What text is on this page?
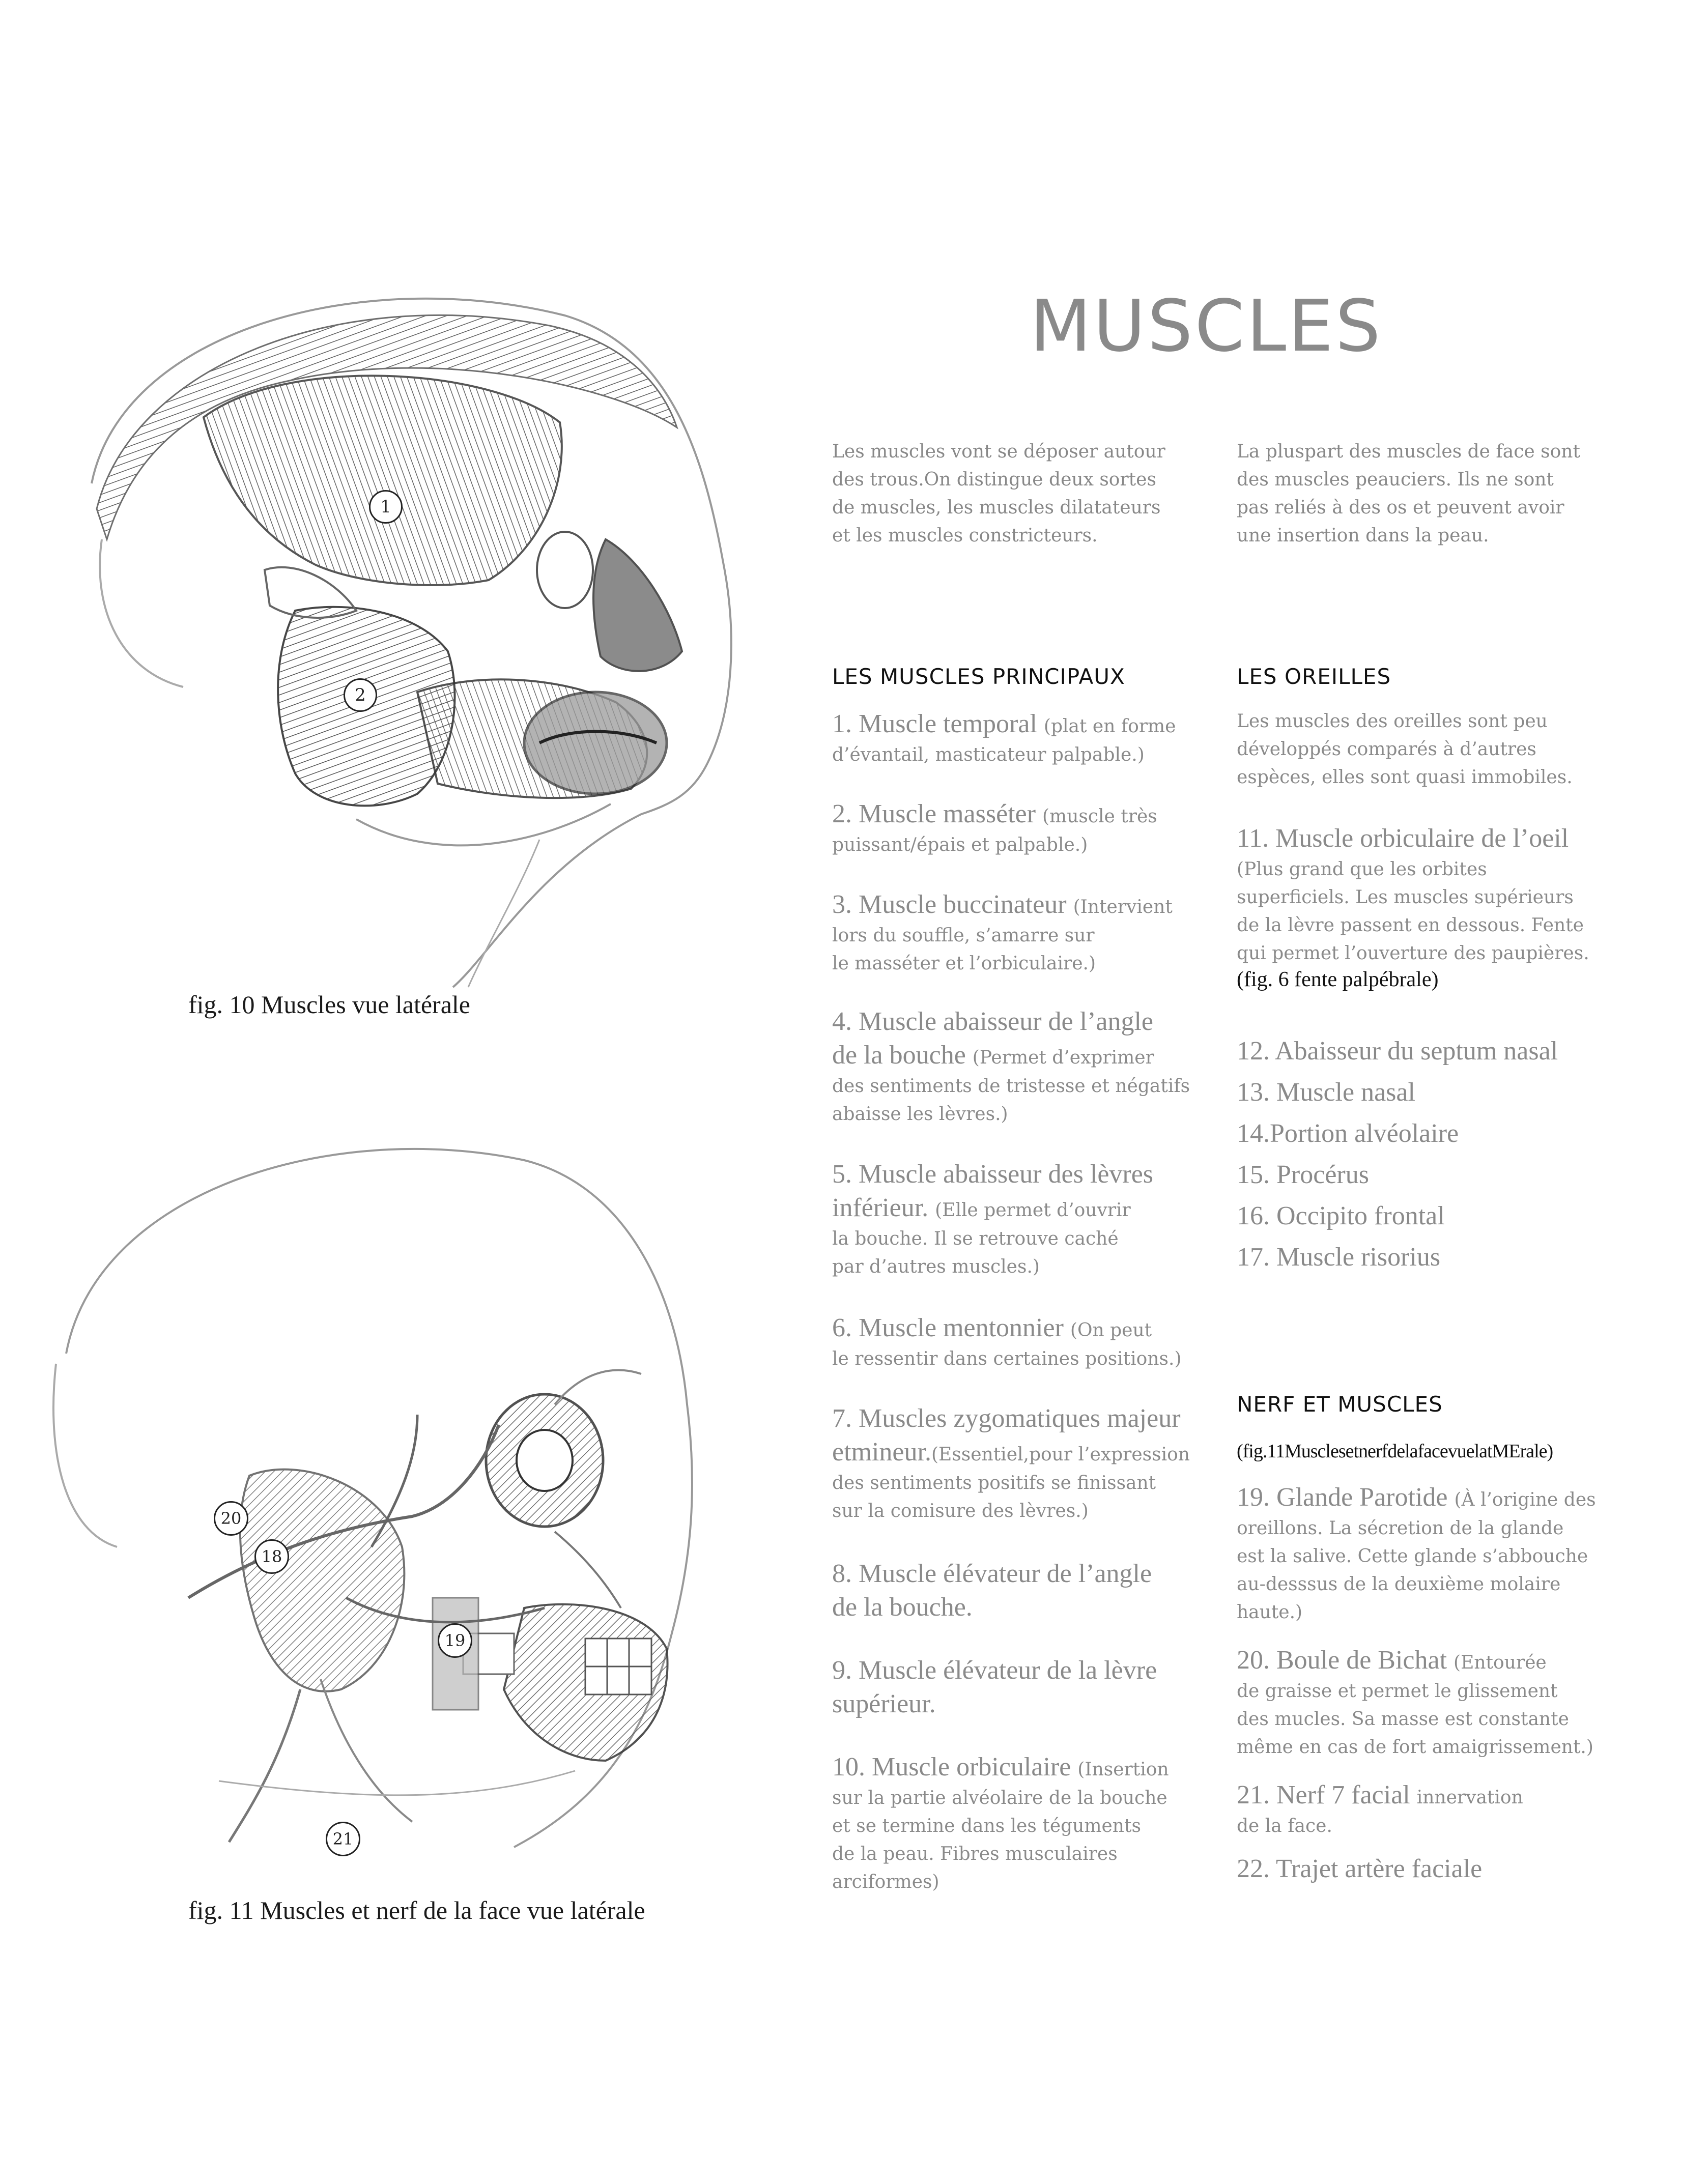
1
2
fig. 10 Muscles vue latérale
20
18
19
21
fig. 11 Muscles et nerf de la face vue latérale
MUSCLES
Les muscles vont se déposer autour
des trous.On distingue deux sortes
de muscles, les muscles dilatateurs
et les muscles constricteurs.
La pluspart des muscles de face sont
des muscles peauciers. Ils ne sont
pas reliés à des os et peuvent avoir
une insertion dans la peau.
LES MUSCLES PRINCIPAUX
1. Muscle temporal (plat en forme
d’évantail, masticateur palpable.)
2. Muscle masséter (muscle très
puissant/épais et palpable.)
3. Muscle buccinateur (Intervient
lors du souffle, s’amarre sur
le masséter et l’orbiculaire.)
4. Muscle abaisseur de l’angle
de la bouche (Permet d’exprimer
des sentiments de tristesse et négatifs
abaisse les lèvres.)
5. Muscle abaisseur des lèvres
inférieur. (Elle permet d’ouvrir
la bouche. Il se retrouve caché
par d’autres muscles.)
6. Muscle mentonnier (On peut
le ressentir dans certaines positions.)
7. Muscles zygomatiques majeur
etmineur.(Essentiel,pour l’expression
des sentiments positifs se finissant
sur la comisure des lèvres.)
8. Muscle élévateur de l’angle
de la bouche.
9. Muscle élévateur de la lèvre
supérieur.
10. Muscle orbiculaire (Insertion
sur la partie alvéolaire de la bouche
et se termine dans les téguments
de la peau. Fibres musculaires
arciformes)
LES OREILLES
Les muscles des oreilles sont peu
développés comparés à d’autres
espèces, elles sont quasi immobiles.
11. Muscle orbiculaire de l’oeil
(Plus grand que les orbites
superficiels. Les muscles supérieurs
de la lèvre passent en dessous. Fente
qui permet l’ouverture des paupières.
(fig. 6 fente palpébrale)
12. Abaisseur du septum nasal
13. Muscle nasal
14.Portion alvéolaire
15. Procérus
16. Occipito frontal
17. Muscle risorius
NERF ET MUSCLES
(fig.11MusclesetnerfdelafacevuelatMErale)
19. Glande Parotide (À l’origine des
oreillons. La sécretion de la glande
est la salive. Cette glande s’abbouche
au-desssus de la deuxième molaire
haute.)
20. Boule de Bichat (Entourée
de graisse et permet le glissement
des mucles. Sa masse est constante
même en cas de fort amaigrissement.)
21. Nerf 7 facial innervation
de la face.
22. Trajet artère faciale
